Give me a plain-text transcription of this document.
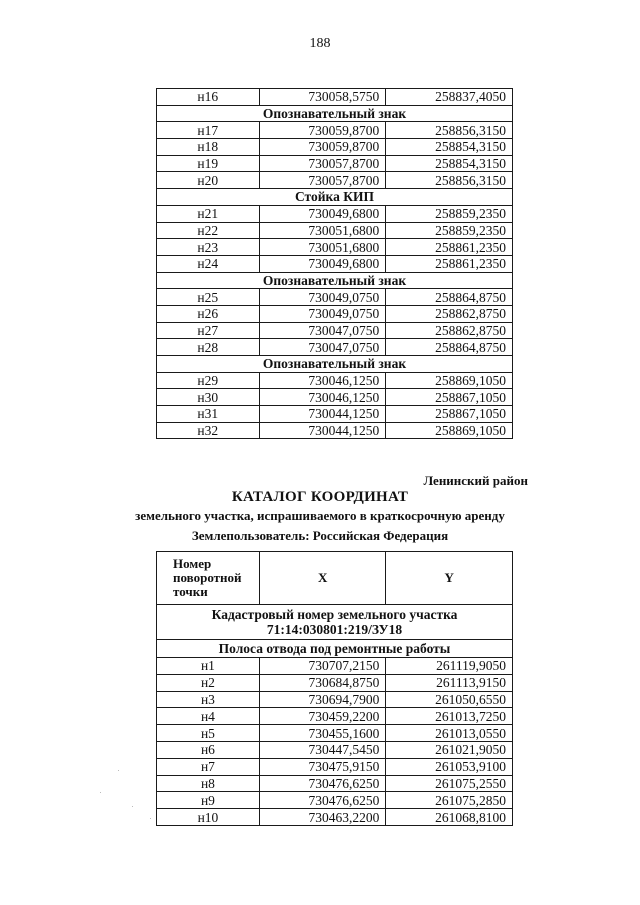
188
н16	730058,5750	258837,4050
Опознавательный знак		
н17	730059,8700	258856,3150
н18	730059,8700	258854,3150
н19	730057,8700	258854,3150
н20	730057,8700	258856,3150
Стойка КИП		
н21	730049,6800	258859,2350
н22	730051,6800	258859,2350
н23	730051,6800	258861,2350
н24	730049,6800	258861,2350
Опознавательный знак		
н25	730049,0750	258864,8750
н26	730049,0750	258862,8750
н27	730047,0750	258862,8750
н28	730047,0750	258864,8750
Опознавательный знак		
н29	730046,1250	258869,1050
н30	730046,1250	258867,1050
н31	730044,1250	258867,1050
н32	730044,1250	258869,1050
Ленинский район
КАТАЛОГ КООРДИНАТ
земельного участка, испрашиваемого в краткосрочную аренду
Землепользователь: Российская Федерация
Номер поворотной точки	X	Y

Кадастровый номер земельного участка
71:14:030801:219/ЗУ18		

Полоса отвода под ремонтные работы		
н1	730707,2150	261119,9050
н2	730684,8750	261113,9150
н3	730694,7900	261050,6550
н4	730459,2200	261013,7250
н5	730455,1600	261013,0550
н6	730447,5450	261021,9050
н7	730475,9150	261053,9100
н8	730476,6250	261075,2550
н9	730476,6250	261075,2850
н10	730463,2200	261068,8100
